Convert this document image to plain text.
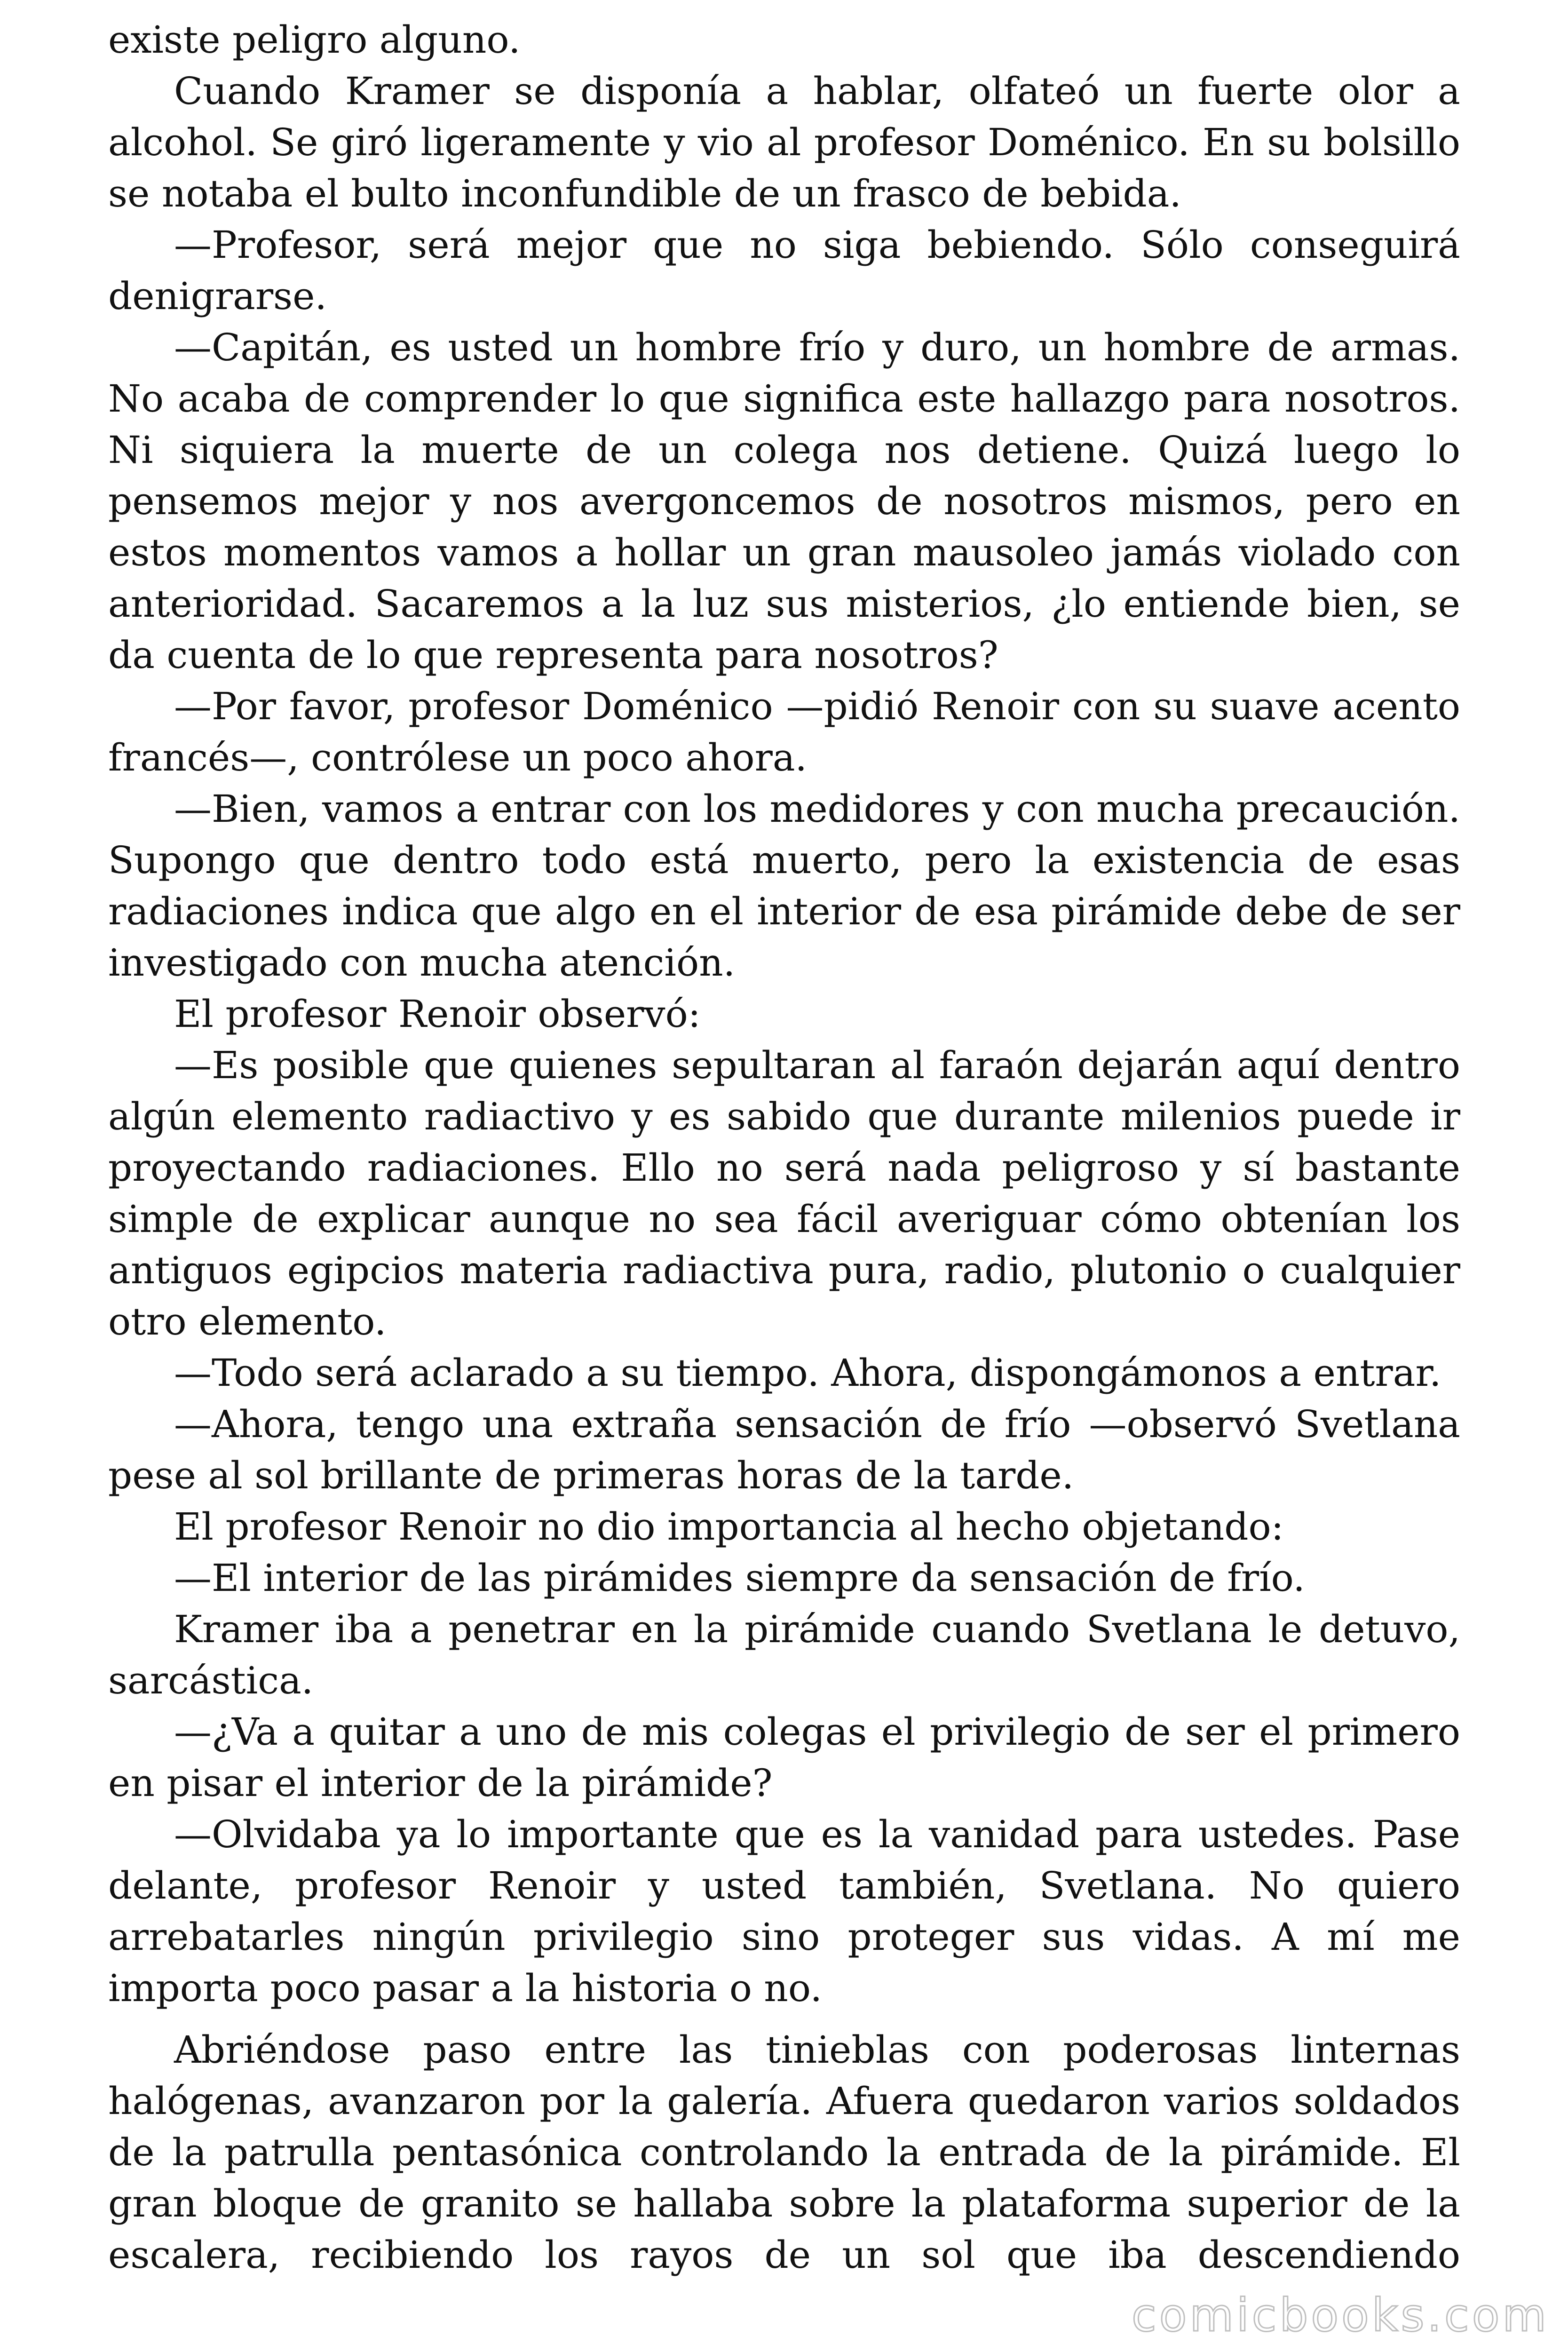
existe peligro alguno.

Cuando Kramer se disponía a hablar, olfateó un fuerte olor a alcohol. Se giró ligeramente y vio al profesor Doménico. En su bolsillo se notaba el bulto inconfundible de un frasco de bebida.

—Profesor, será mejor que no siga bebiendo. Sólo conseguirá denigrarse.

—Capitán, es usted un hombre frío y duro, un hombre de armas. No acaba de comprender lo que significa este hallazgo para nosotros. Ni siquiera la muerte de un colega nos detiene. Quizá luego lo pensemos mejor y nos avergoncemos de nosotros mismos, pero en estos momentos vamos a hollar un gran mausoleo jamás violado con anterioridad. Sacaremos a la luz sus misterios, ¿lo entiende bien, se da cuenta de lo que representa para nosotros?

—Por favor, profesor Doménico —pidió Renoir con su suave acento francés—, contrólese un poco ahora.

—Bien, vamos a entrar con los medidores y con mucha precaución. Supongo que dentro todo está muerto, pero la existencia de esas radiaciones indica que algo en el interior de esa pirámide debe de ser investigado con mucha atención.

El profesor Renoir observó:

—Es posible que quienes sepultaran al faraón dejarán aquí dentro algún elemento radiactivo y es sabido que durante milenios puede ir proyectando radiaciones. Ello no será nada peligroso y sí bastante simple de explicar aunque no sea fácil averiguar cómo obtenían los antiguos egipcios materia radiactiva pura, radio, plutonio o cualquier otro elemento.

—Todo será aclarado a su tiempo. Ahora, dispongámonos a entrar.

—Ahora, tengo una extraña sensación de frío —observó Svetlana pese al sol brillante de primeras horas de la tarde.

El profesor Renoir no dio importancia al hecho objetando:

—El interior de las pirámides siempre da sensación de frío.

Kramer iba a penetrar en la pirámide cuando Svetlana le detuvo, sarcástica.

—¿Va a quitar a uno de mis colegas el privilegio de ser el primero en pisar el interior de la pirámide?

—Olvidaba ya lo importante que es la vanidad para ustedes. Pase delante, profesor Renoir y usted también, Svetlana. No quiero arrebatarles ningún privilegio sino proteger sus vidas. A mí me importa poco pasar a la historia o no.

Abriéndose paso entre las tinieblas con poderosas linternas halógenas, avanzaron por la galería. Afuera quedaron varios soldados de la patrulla pentasónica controlando la entrada de la pirámide. El gran bloque de granito se hallaba sobre la plataforma superior de la escalera, recibiendo los rayos de un sol que iba descendiendo

comicbooks.com
